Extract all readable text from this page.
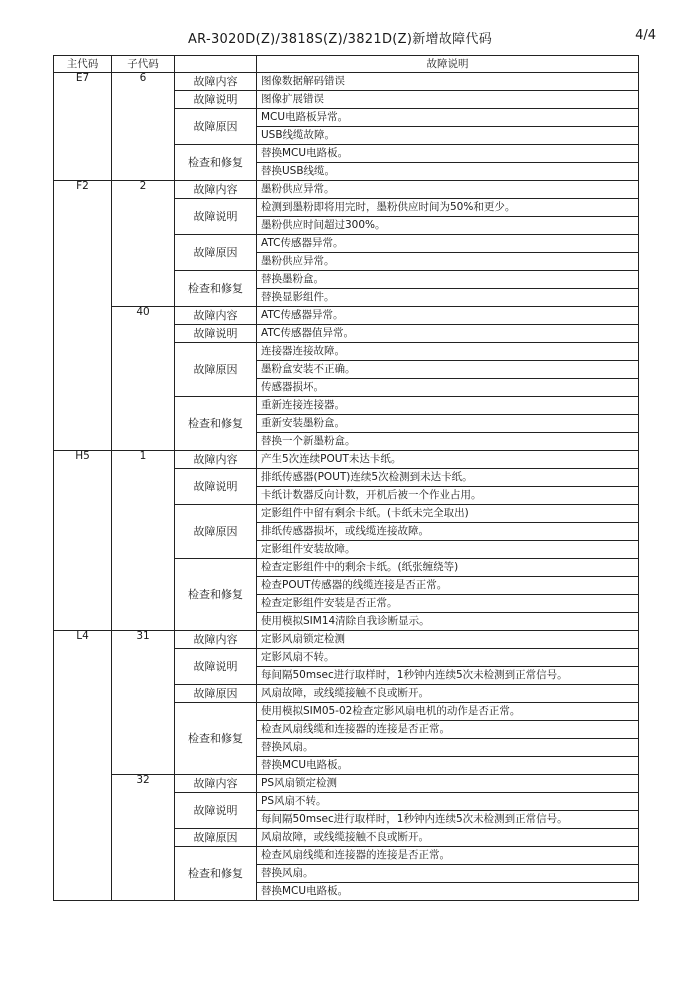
AR-3020D(Z)/3818S(Z)/3821D(Z)新增故障代码	4/4
主代码	子代码		故障说明
E7	6	故障内容	图像数据解码错误
		故障说明	图像扩展错误
		故障原因	MCU电路板异常。
			USB线缆故障。
		检查和修复	替换MCU电路板。
			替换USB线缆。
F2	2	故障内容	墨粉供应异常。
		故障说明	检测到墨粉即将用完时，墨粉供应时间为50%和更少。
			墨粉供应时间超过300%。
		故障原因	ATC传感器异常。
			墨粉供应异常。
		检查和修复	替换墨粉盒。
			替换显影组件。
	40	故障内容	ATC传感器异常。
		故障说明	ATC传感器值异常。
		故障原因	连接器连接故障。
			墨粉盒安装不正确。
			传感器损坏。
		检查和修复	重新连接连接器。
			重新安装墨粉盒。
			替换一个新墨粉盒。
H5	1	故障内容	产生5次连续POUT未达卡纸。
		故障说明	排纸传感器(POUT)连续5次检测到未达卡纸。
			卡纸计数器反向计数，开机后被一个作业占用。
		故障原因	定影组件中留有剩余卡纸。(卡纸未完全取出)
			排纸传感器损坏，或线缆连接故障。
			定影组件安装故障。
		检查和修复	检查定影组件中的剩余卡纸。(纸张缠绕等)
			检查POUT传感器的线缆连接是否正常。
			检查定影组件安装是否正常。
			使用模拟SIM14清除自我诊断显示。
L4	31	故障内容	定影风扇锁定检测
		故障说明	定影风扇不转。
			每间隔50msec进行取样时，1秒钟内连续5次未检测到正常信号。
		故障原因	风扇故障，或线缆接触不良或断开。
		检查和修复	使用模拟SIM05-02检查定影风扇电机的动作是否正常。
			检查风扇线缆和连接器的连接是否正常。
			替换风扇。
			替换MCU电路板。
	32	故障内容	PS风扇锁定检测
		故障说明	PS风扇不转。
			每间隔50msec进行取样时，1秒钟内连续5次未检测到正常信号。
		故障原因	风扇故障，或线缆接触不良或断开。
		检查和修复	检查风扇线缆和连接器的连接是否正常。
			替换风扇。
			替换MCU电路板。
